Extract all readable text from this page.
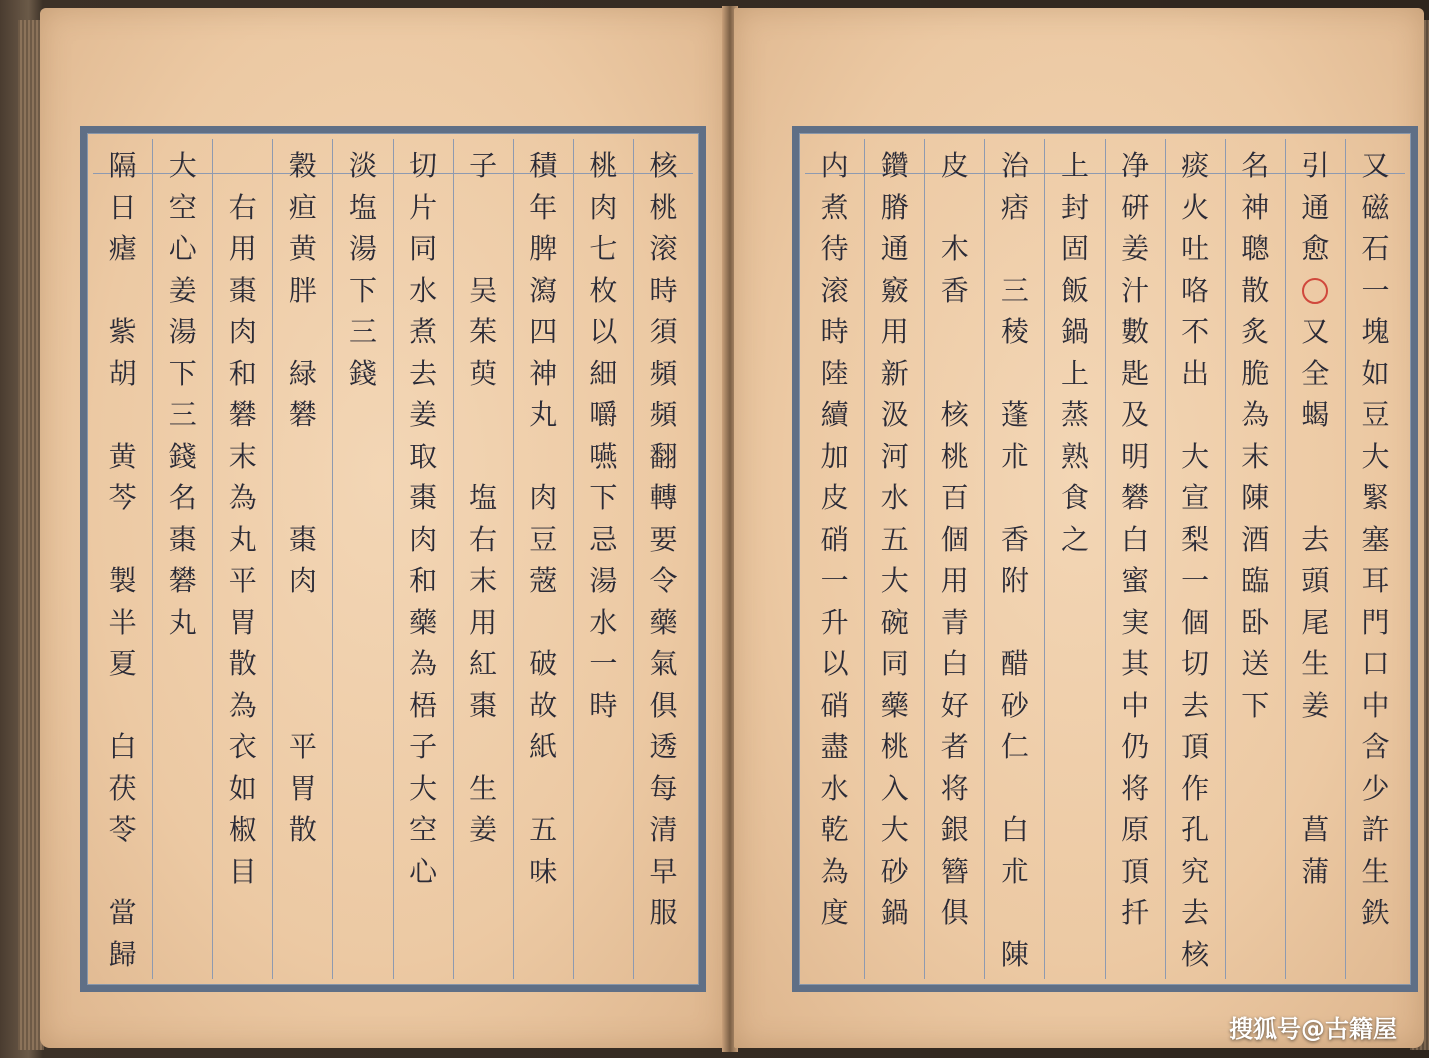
核
桃
滚
時
須
頻
頻
翻
轉
要
令
藥
氣
俱
透
每
清
早
服
桃
肉
七
枚
以
細
嚼
嚥
下
忌
湯
水
一
時
積
年
脾
瀉
四
神
丸
肉
豆
蔲
破
故
紙
五
味
子
吴
茱
萸
塩
右
末
用
紅
棗
生
姜
切
片
同
水
煮
去
姜
取
棗
肉
和
藥
為
梧
子
大
空
心
淡
塩
湯
下
三
錢
穀
疸
黄
胖
緑
礬
棗
肉
平
胃
散
右
用
棗
肉
和
礬
末
為
丸
平
胃
散
為
衣
如
椒
目
大
空
心
姜
湯
下
三
錢
名
棗
礬
丸
隔
日
瘧
紫
胡
黄
芩
製
半
夏
白
茯
苓
當
歸
又
磁
石
一
塊
如
豆
大
緊
塞
耳
門
口
中
含
少
許
生
鉄
引
通
愈
又
全
蝎
去
頭
尾
生
姜
菖
蒲
名
神
聰
散
炙
脆
為
末
陳
酒
臨
卧
送
下
痰
火
吐
咯
不
出
大
宣
梨
一
個
切
去
頂
作
孔
究
去
核
净
硏
姜
汁
數
匙
及
明
礬
白
蜜
実
其
中
仍
将
原
頂
扦
上
封
固
飯
鍋
上
蒸
熟
食
之
治
痞
三
稜
蓬
朮
香
附
醋
砂
仁
白
朮
陳
皮
木
香
核
桃
百
個
用
青
白
好
者
将
銀
簪
俱
鑽
膌
通
竅
用
新
汲
河
水
五
大
碗
同
藥
桃
入
大
砂
鍋
内
煮
待
滚
時
陸
續
加
皮
硝
一
升
以
硝
盡
水
乾
為
度
搜狐号@古籍屋
